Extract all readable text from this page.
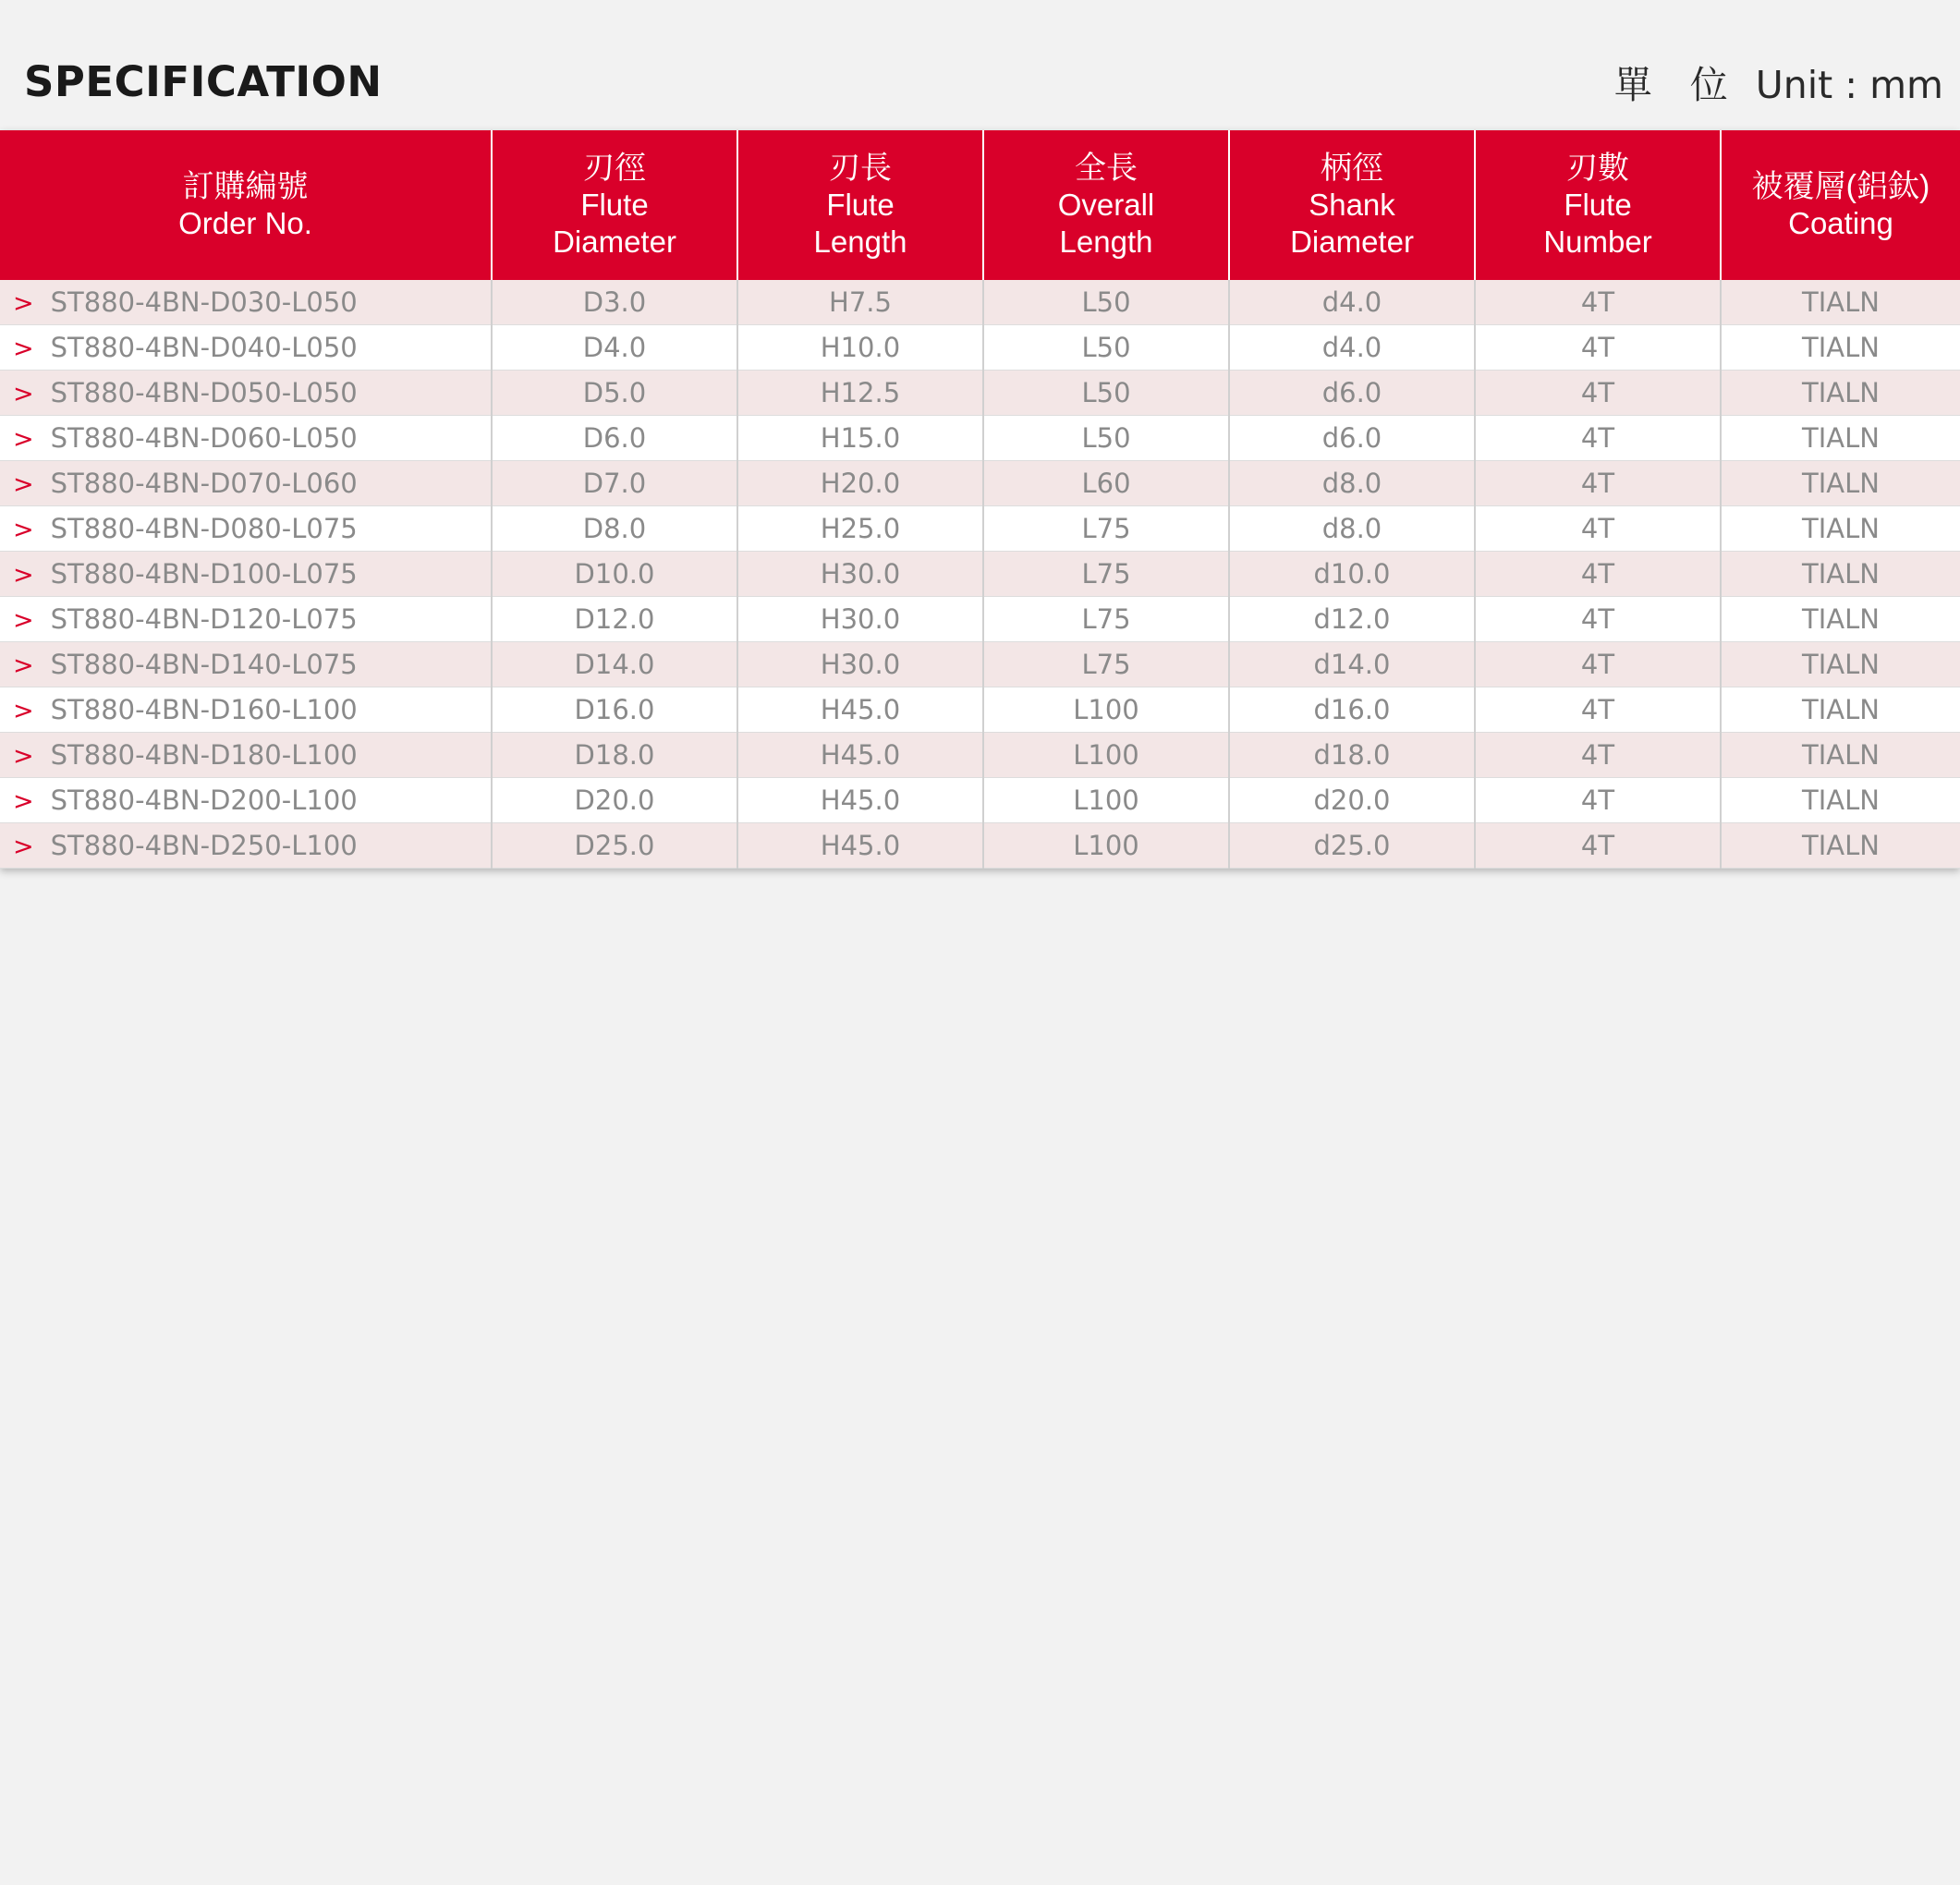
SPECIFICATION	單 位 Unit : mm
訂購編號
Order No.	刃徑
Flute
Diameter	刃長
Flute
Length	全長
Overall
Length	柄徑
Shank
Diameter	刃數
Flute
Number	被覆層(鋁鈦)
Coating

> ST880-4BN-D030-L050	D3.0	H7.5	L50	d4.0	4T	TIALN
> ST880-4BN-D040-L050	D4.0	H10.0	L50	d4.0	4T	TIALN
> ST880-4BN-D050-L050	D5.0	H12.5	L50	d6.0	4T	TIALN
> ST880-4BN-D060-L050	D6.0	H15.0	L50	d6.0	4T	TIALN
> ST880-4BN-D070-L060	D7.0	H20.0	L60	d8.0	4T	TIALN
> ST880-4BN-D080-L075	D8.0	H25.0	L75	d8.0	4T	TIALN
> ST880-4BN-D100-L075	D10.0	H30.0	L75	d10.0	4T	TIALN
> ST880-4BN-D120-L075	D12.0	H30.0	L75	d12.0	4T	TIALN
> ST880-4BN-D140-L075	D14.0	H30.0	L75	d14.0	4T	TIALN
> ST880-4BN-D160-L100	D16.0	H45.0	L100	d16.0	4T	TIALN
> ST880-4BN-D180-L100	D18.0	H45.0	L100	d18.0	4T	TIALN
> ST880-4BN-D200-L100	D20.0	H45.0	L100	d20.0	4T	TIALN
> ST880-4BN-D250-L100	D25.0	H45.0	L100	d25.0	4T	TIALN
